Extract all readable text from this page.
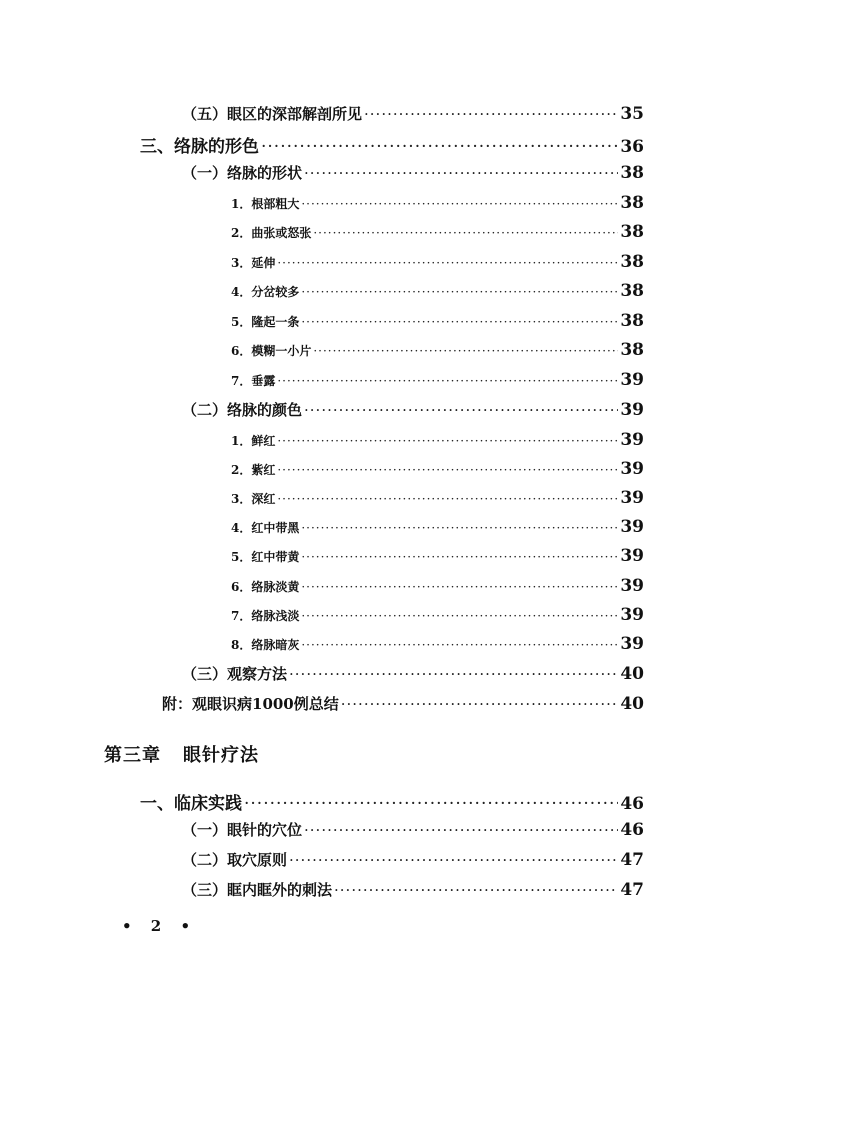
（五）眼区的深部解剖所见 ·····	35
三、络脉的形色 ·····	36
（一）络脉的形状 ·····	38
1．根部粗大 ·····	38
2．曲张或怒张 ·····	38
3．延伸 ·····	38
4．分岔较多 ·····	38
5．隆起一条 ·····	38
6．模糊一小片 ·····	38
7．垂露 ·····	39
（二）络脉的颜色 ·····	39
1．鲜红 ·····	39
2．紫红 ·····	39
3．深红 ·····	39
4．红中带黑 ·····	39
5．红中带黄 ·····	39
6．络脉淡黄 ·····	39
7．络脉浅淡 ·····	39
8．络脉暗灰 ·····	39
（三）观察方法 ·····	40
附：观眼识病1000例总结 ·····	40
第三章 眼针疗法
一、临床实践 ·····	46
（一）眼针的穴位 ·····	46
（二）取穴原则 ·····	47
（三）眶内眶外的刺法 ·····	47
• 2 •
